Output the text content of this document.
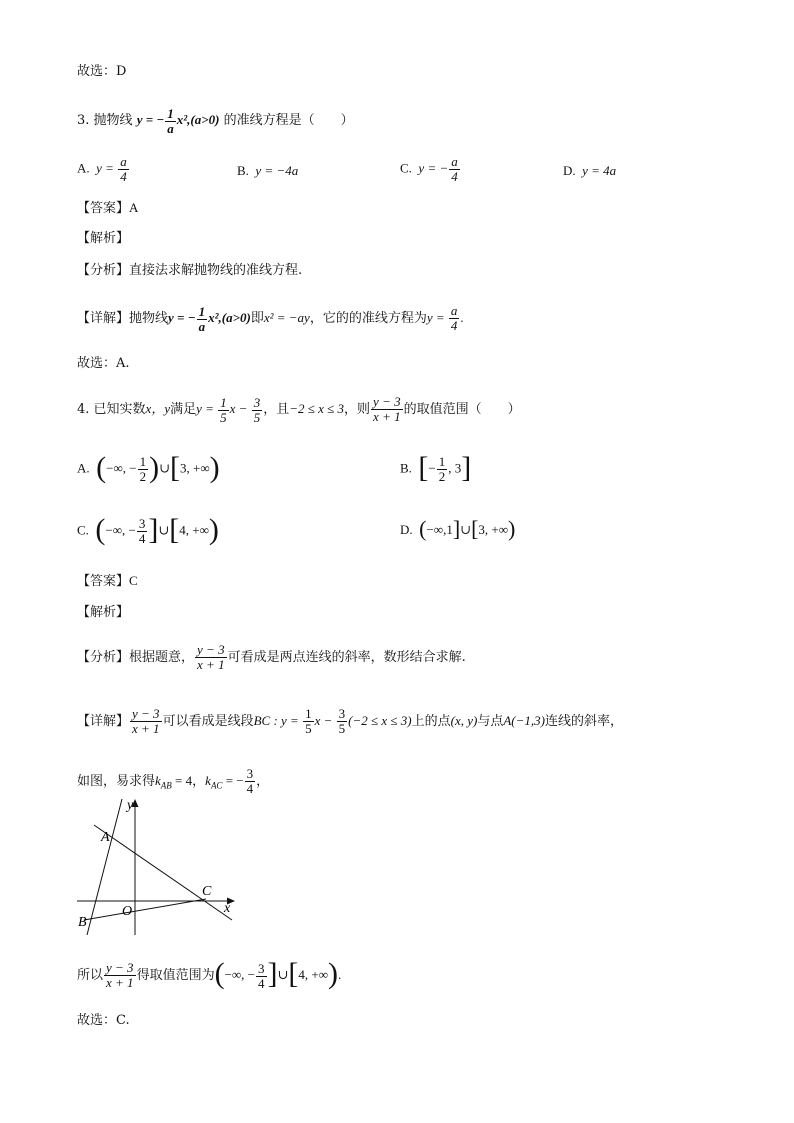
故选：D
3. 抛物线 y = − $\frac{1}{a} x^2,(a>0)$ 的准线方程是（　　）
A. $y = \frac{a}{4}$	B. y = −4a	C. y = − $\frac{a}{4}$	D. y = 4a
【答案】A
【解析】
【分析】直接法求解抛物线的准线方程.
【详解】抛物线y = − $\frac{1}{a} x^2,(a>0)$即x² = −ay，它的的准线方程为$y = \frac{a}{4}$ .
故选：A.
4. 已知实数x，y满足$y = \frac{1}{5}$ $x - \frac{3}{5}$ ，且−2 ≤ x ≤ 3，则 $\frac{y - 3}{x + 1}$ 的取值范围（　　）
A. (−∞, − $\frac{1}{2}$ )∪[3, +∞)	B. [− $\frac{1}{2}$ , 3]
C. (−∞, − $\frac{3}{4}$ ]∪[4, +∞)	D. (−∞,1]∪[3, +∞)
【答案】C
【解析】
【分析】根据题意， $\frac{y - 3}{x + 1}$ 可看成是两点连线的斜率，数形结合求解.
【详解】 $\frac{y - 3}{x + 1}$ 可以看成是线段BC : $y = \frac{1}{5}$ $x - \frac{3}{5} (-2 \le x \le 3)$上的点(x, y)与点A(−1,3)连线的斜率，
如图，易求得$k_{AB} = 4$，$k_{AC}$ = − $\frac{3}{4}$ ，
y
A
C
O	x
B
所以 $\frac{y - 3}{x + 1}$ 得取值范围为(−∞, − $\frac{3}{4}$ ]∪[4, +∞).
故选：C.
